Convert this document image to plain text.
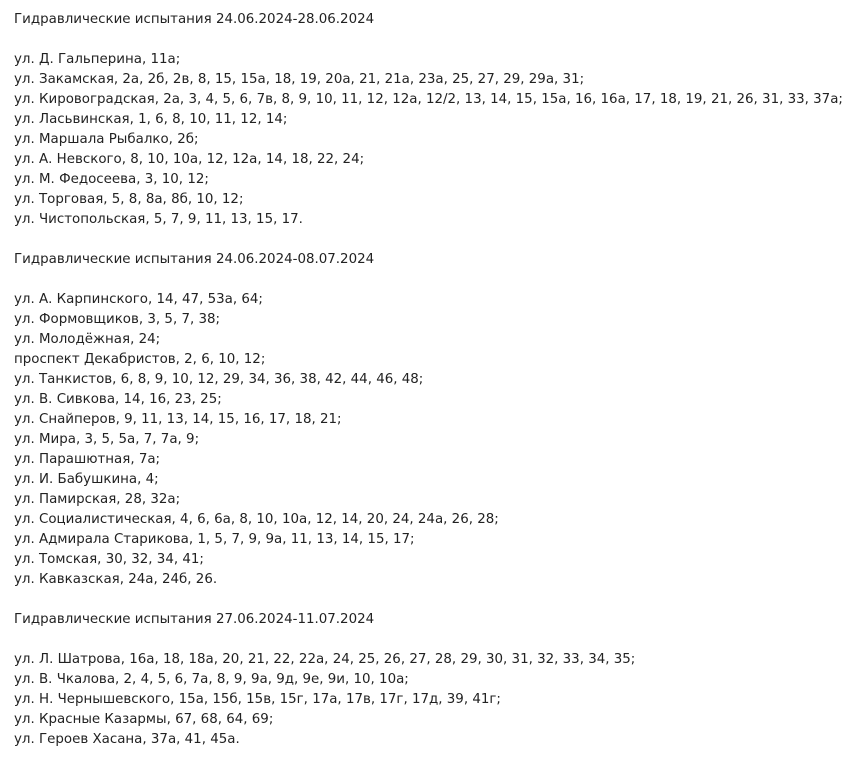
Гидравлические испытания 24.06.2024-28.06.2024
ул. Д. Гальперина, 11а;
ул. Закамская, 2а, 2б, 2в, 8, 15, 15а, 18, 19, 20а, 21, 21а, 23а, 25, 27, 29, 29а, 31;
ул. Кировоградская, 2а, 3, 4, 5, 6, 7в, 8, 9, 10, 11, 12, 12а, 12/2, 13, 14, 15, 15а, 16, 16а, 17, 18, 19, 21, 26, 31, 33, 37а;
ул. Ласьвинская, 1, 6, 8, 10, 11, 12, 14;
ул. Маршала Рыбалко, 2б;
ул. А. Невского, 8, 10, 10а, 12, 12а, 14, 18, 22, 24;
ул. М. Федосеева, 3, 10, 12;
ул. Торговая, 5, 8, 8а, 8б, 10, 12;
ул. Чистопольская, 5, 7, 9, 11, 13, 15, 17.
Гидравлические испытания 24.06.2024-08.07.2024
ул. А. Карпинского, 14, 47, 53а, 64;
ул. Формовщиков, 3, 5, 7, 38;
ул. Молодёжная, 24;
проспект Декабристов, 2, 6, 10, 12;
ул. Танкистов, 6, 8, 9, 10, 12, 29, 34, 36, 38, 42, 44, 46, 48;
ул. В. Сивкова, 14, 16, 23, 25;
ул. Снайперов, 9, 11, 13, 14, 15, 16, 17, 18, 21;
ул. Мира, 3, 5, 5а, 7, 7а, 9;
ул. Парашютная, 7а;
ул. И. Бабушкина, 4;
ул. Памирская, 28, 32а;
ул. Социалистическая, 4, 6, 6а, 8, 10, 10а, 12, 14, 20, 24, 24а, 26, 28;
ул. Адмирала Старикова, 1, 5, 7, 9, 9а, 11, 13, 14, 15, 17;
ул. Томская, 30, 32, 34, 41;
ул. Кавказская, 24а, 24б, 26.
Гидравлические испытания 27.06.2024-11.07.2024
ул. Л. Шатрова, 16а, 18, 18а, 20, 21, 22, 22а, 24, 25, 26, 27, 28, 29, 30, 31, 32, 33, 34, 35;
ул. В. Чкалова, 2, 4, 5, 6, 7а, 8, 9, 9а, 9д, 9е, 9и, 10, 10а;
ул. Н. Чернышевского, 15а, 15б, 15в, 15г, 17а, 17в, 17г, 17д, 39, 41г;
ул. Красные Казармы, 67, 68, 64, 69;
ул. Героев Хасана, 37а, 41, 45а.
